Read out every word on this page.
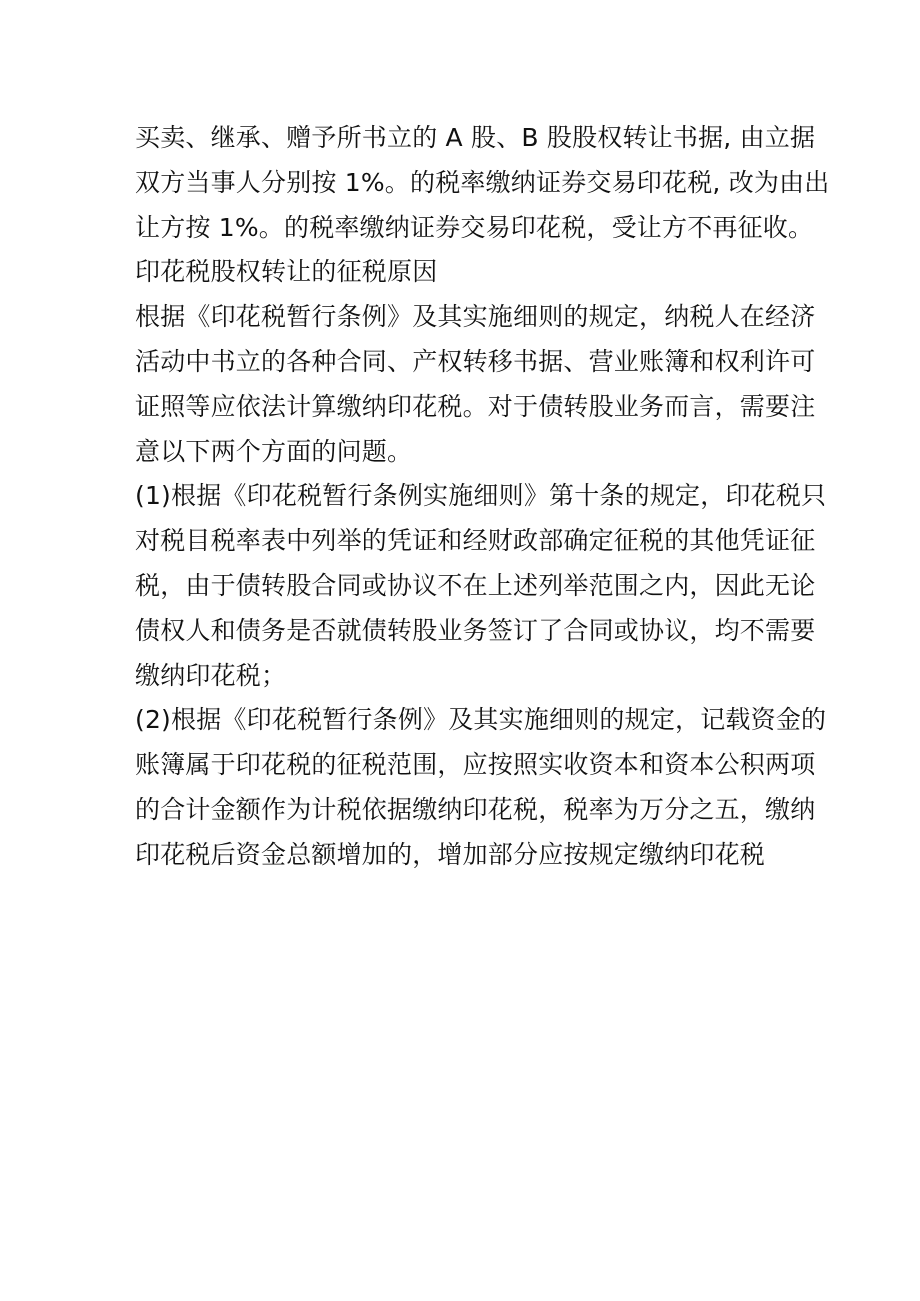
买卖、继承、赠予所书立的 A 股、B 股股权转让书据, 由立据
双方当事人分别按 1%。的税率缴纳证券交易印花税, 改为由出
让方按 1%。的税率缴纳证券交易印花税，受让方不再征收。
印花税股权转让的征税原因
根据《印花税暂行条例》及其实施细则的规定，纳税人在经济
活动中书立的各种合同、产权转移书据、营业账簿和权利许可
证照等应依法计算缴纳印花税。对于债转股业务而言，需要注
意以下两个方面的问题。
(1)根据《印花税暂行条例实施细则》第十条的规定，印花税只
对税目税率表中列举的凭证和经财政部确定征税的其他凭证征
税，由于债转股合同或协议不在上述列举范围之内，因此无论
债权人和债务是否就债转股业务签订了合同或协议，均不需要
缴纳印花税；
(2)根据《印花税暂行条例》及其实施细则的规定，记载资金的
账簿属于印花税的征税范围，应按照实收资本和资本公积两项
的合计金额作为计税依据缴纳印花税，税率为万分之五，缴纳
印花税后资金总额增加的，增加部分应按规定缴纳印花税
